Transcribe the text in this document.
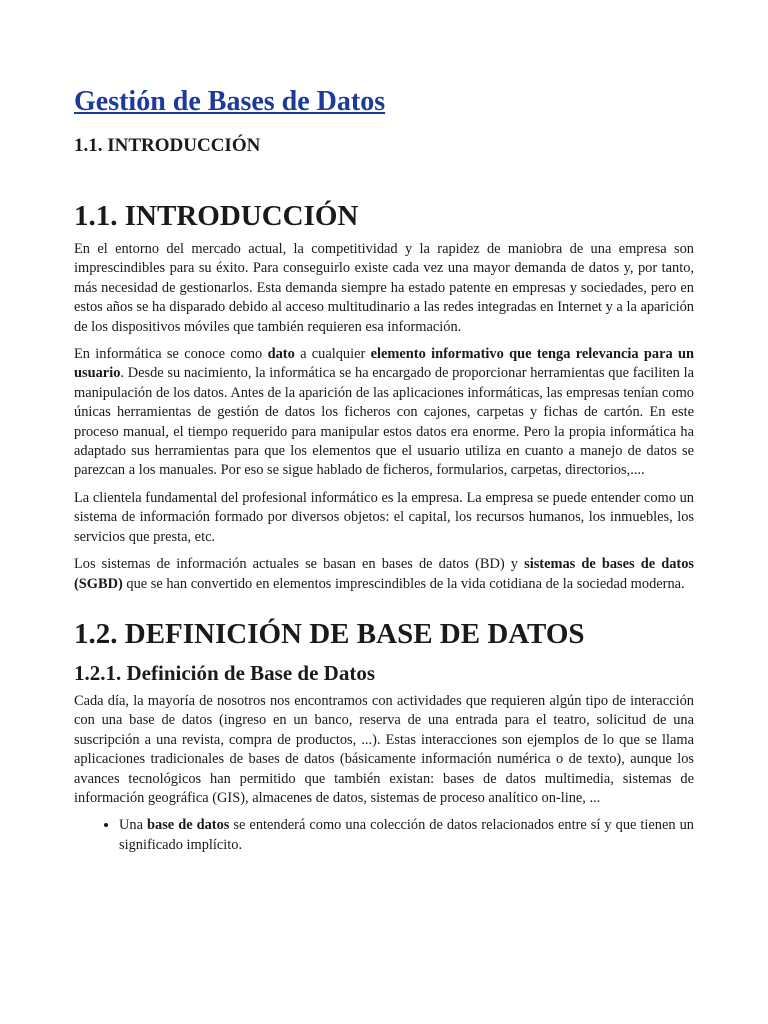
Gestión de Bases de Datos
1.1. INTRODUCCIÓN
1.1. INTRODUCCIÓN

En el entorno del mercado actual, la competitividad y la rapidez de maniobra de una empresa son imprescindibles para su éxito. Para conseguirlo existe cada vez una mayor demanda de datos y, por tanto, más necesidad de gestionarlos. Esta demanda siempre ha estado patente en empresas y sociedades, pero en estos años se ha disparado debido al acceso multitudinario a las redes integradas en Internet y a la aparición de los dispositivos móviles que también requieren esa información.

En informática se conoce como dato a cualquier elemento informativo que tenga relevancia para un usuario. Desde su nacimiento, la informática se ha encargado de proporcionar herramientas que faciliten la manipulación de los datos. Antes de la aparición de las aplicaciones informáticas, las empresas tenían como únicas herramientas de gestión de datos los ficheros con cajones, carpetas y fichas de cartón. En este proceso manual, el tiempo requerido para manipular estos datos era enorme. Pero la propia informática ha adaptado sus herramientas para que los elementos que el usuario utiliza en cuanto a manejo de datos se parezcan a los manuales. Por eso se sigue hablado de ficheros, formularios, carpetas, directorios,....

La clientela fundamental del profesional informático es la empresa. La empresa se puede entender como un sistema de información formado por diversos objetos: el capital, los recursos humanos, los inmuebles, los servicios que presta, etc.

Los sistemas de información actuales se basan en bases de datos (BD) y sistemas de bases de datos (SGBD) que se han convertido en elementos imprescindibles de la vida cotidiana de la sociedad moderna.

1.2. DEFINICIÓN DE BASE DE DATOS
1.2.1. Definición de Base de Datos

Cada día, la mayoría de nosotros nos encontramos con actividades que requieren algún tipo de interacción con una base de datos (ingreso en un banco, reserva de una entrada para el teatro, solicitud de una suscripción a una revista, compra de productos, ...). Estas interacciones son ejemplos de lo que se llama aplicaciones tradicionales de bases de datos (básicamente información numérica o de texto), aunque los avances tecnológicos han permitido que también existan: bases de datos multimedia, sistemas de información geográfica (GIS), almacenes de datos, sistemas de proceso analítico on-line, ...

• Una base de datos se entenderá como una colección de datos relacionados entre sí y que tienen un significado implícito.
